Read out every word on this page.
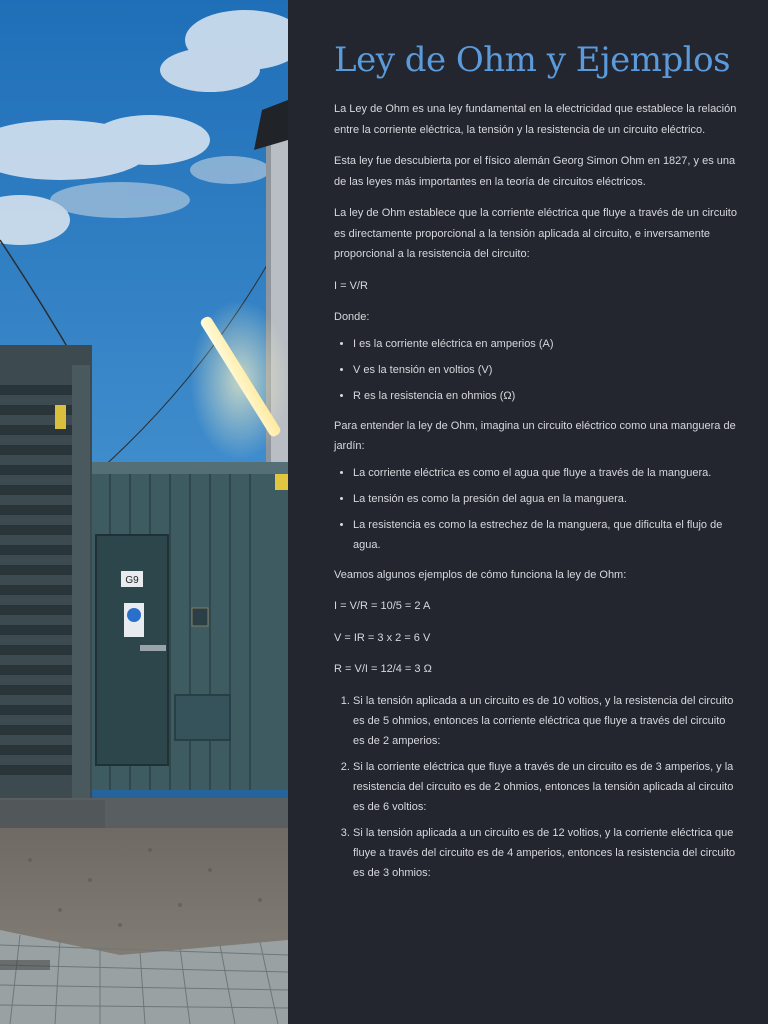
G9
Ley de Ohm y Ejemplos

La Ley de Ohm es una ley fundamental en la electricidad que establece la relación entre la corriente eléctrica, la tensión y la resistencia de un circuito eléctrico.

Esta ley fue descubierta por el físico alemán Georg Simon Ohm en 1827, y es una de las leyes más importantes en la teoría de circuitos eléctricos.

La ley de Ohm establece que la corriente eléctrica que fluye a través de un circuito es directamente proporcional a la tensión aplicada al circuito, e inversamente proporcional a la resistencia del circuito:

I = V/R

Donde:

• I es la corriente eléctrica en amperios (A)
• V es la tensión en voltios (V)
• R es la resistencia en ohmios (Ω)

Para entender la ley de Ohm, imagina un circuito eléctrico como una manguera de jardín:

• La corriente eléctrica es como el agua que fluye a través de la manguera.
• La tensión es como la presión del agua en la manguera.
• La resistencia es como la estrechez de la manguera, que dificulta el flujo de agua.

Veamos algunos ejemplos de cómo funciona la ley de Ohm:

I = V/R = 10/5 = 2 A

V = IR = 3 x 2 = 6 V

R = V/I = 12/4 = 3 Ω

1. Si la tensión aplicada a un circuito es de 10 voltios, y la resistencia del circuito es de 5 ohmios, entonces la corriente eléctrica que fluye a través del circuito es de 2 amperios:
2. Si la corriente eléctrica que fluye a través de un circuito es de 3 amperios, y la resistencia del circuito es de 2 ohmios, entonces la tensión aplicada al circuito es de 6 voltios:
3. Si la tensión aplicada a un circuito es de 12 voltios, y la corriente eléctrica que fluye a través del circuito es de 4 amperios, entonces la resistencia del circuito es de 3 ohmios:
